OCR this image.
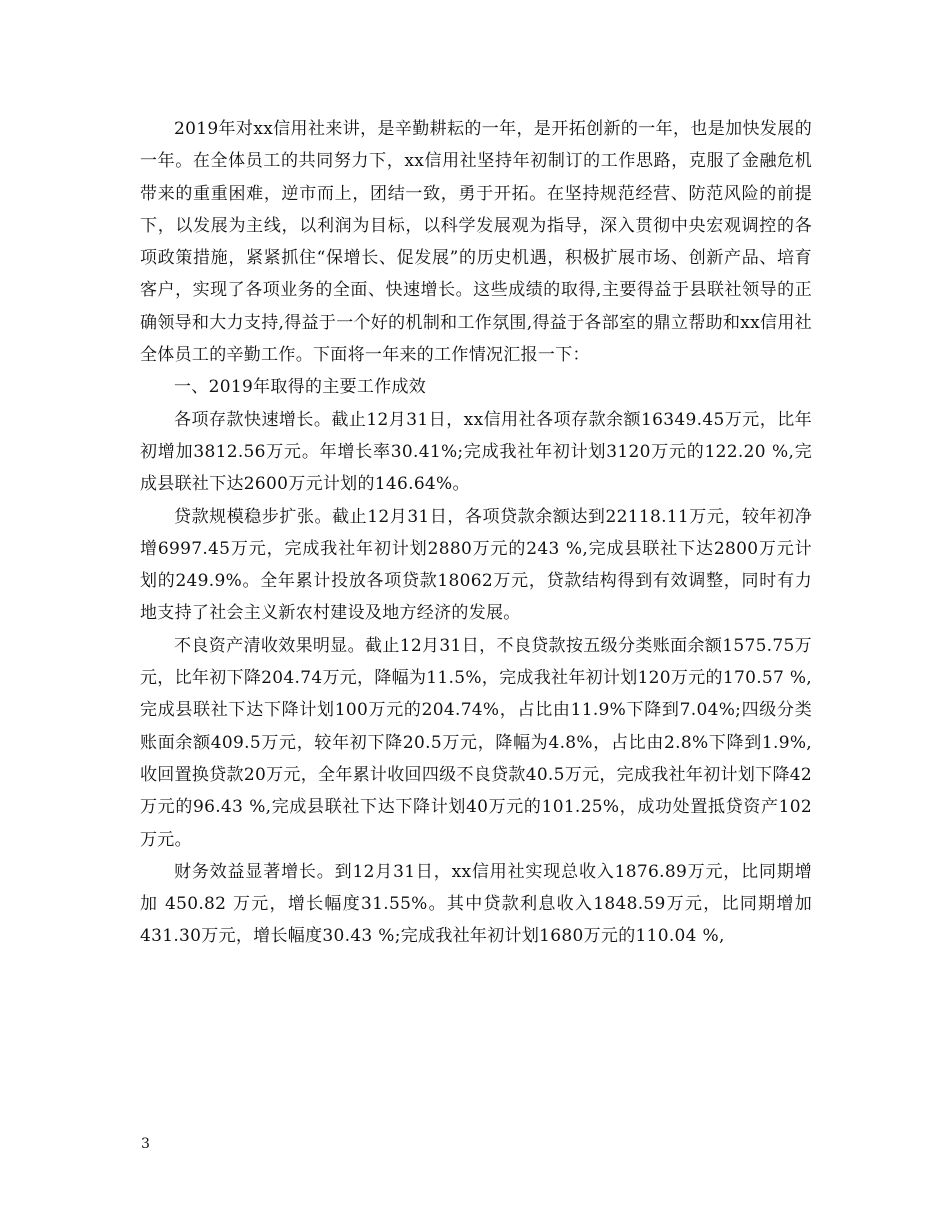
2019年对xx信用社来讲，是辛勤耕耘的一年，是开拓创新的一年，也是加快发展的一年。在全体员工的共同努力下，xx信用社坚持年初制订的工作思路，克服了金融危机带来的重重困难，逆市而上，团结一致，勇于开拓。在坚持规范经营、防范风险的前提下，以发展为主线，以利润为目标，以科学发展观为指导，深入贯彻中央宏观调控的各项政策措施，紧紧抓住“保增长、促发展”的历史机遇，积极扩展市场、创新产品、培育客户，实现了各项业务的全面、快速增长。这些成绩的取得,主要得益于县联社领导的正确领导和大力支持,得益于一个好的机制和工作氛围,得益于各部室的鼎立帮助和xx信用社全体员工的辛勤工作。下面将一年来的工作情况汇报一下：

一、2019年取得的主要工作成效

各项存款快速增长。截止12月31日，xx信用社各项存款余额16349.45万元，比年初增加3812.56万元。年增长率30.41%;完成我社年初计划3120万元的122.20 %,完成县联社下达2600万元计划的146.64%。

贷款规模稳步扩张。截止12月31日，各项贷款余额达到22118.11万元，较年初净增6997.45万元，完成我社年初计划2880万元的243 %,完成县联社下达2800万元计划的249.9%。全年累计投放各项贷款18062万元，贷款结构得到有效调整，同时有力地支持了社会主义新农村建设及地方经济的发展。

不良资产清收效果明显。截止12月31日，不良贷款按五级分类账面余额1575.75万元，比年初下降204.74万元，降幅为11.5%，完成我社年初计划120万元的170.57 %,完成县联社下达下降计划100万元的204.74%，占比由11.9%下降到7.04%;四级分类账面余额409.5万元，较年初下降20.5万元，降幅为4.8%，占比由2.8%下降到1.9%,收回置换贷款20万元，全年累计收回四级不良贷款40.5万元，完成我社年初计划下降42万元的96.43 %,完成县联社下达下降计划40万元的101.25%，成功处置抵贷资产102万元。

财务效益显著增长。到12月31日，xx信用社实现总收入1876.89万元，比同期增加 450.82 万元，增长幅度31.55%。其中贷款利息收入1848.59万元，比同期增加431.30万元，增长幅度30.43 %;完成我社年初计划1680万元的110.04 %,

3
